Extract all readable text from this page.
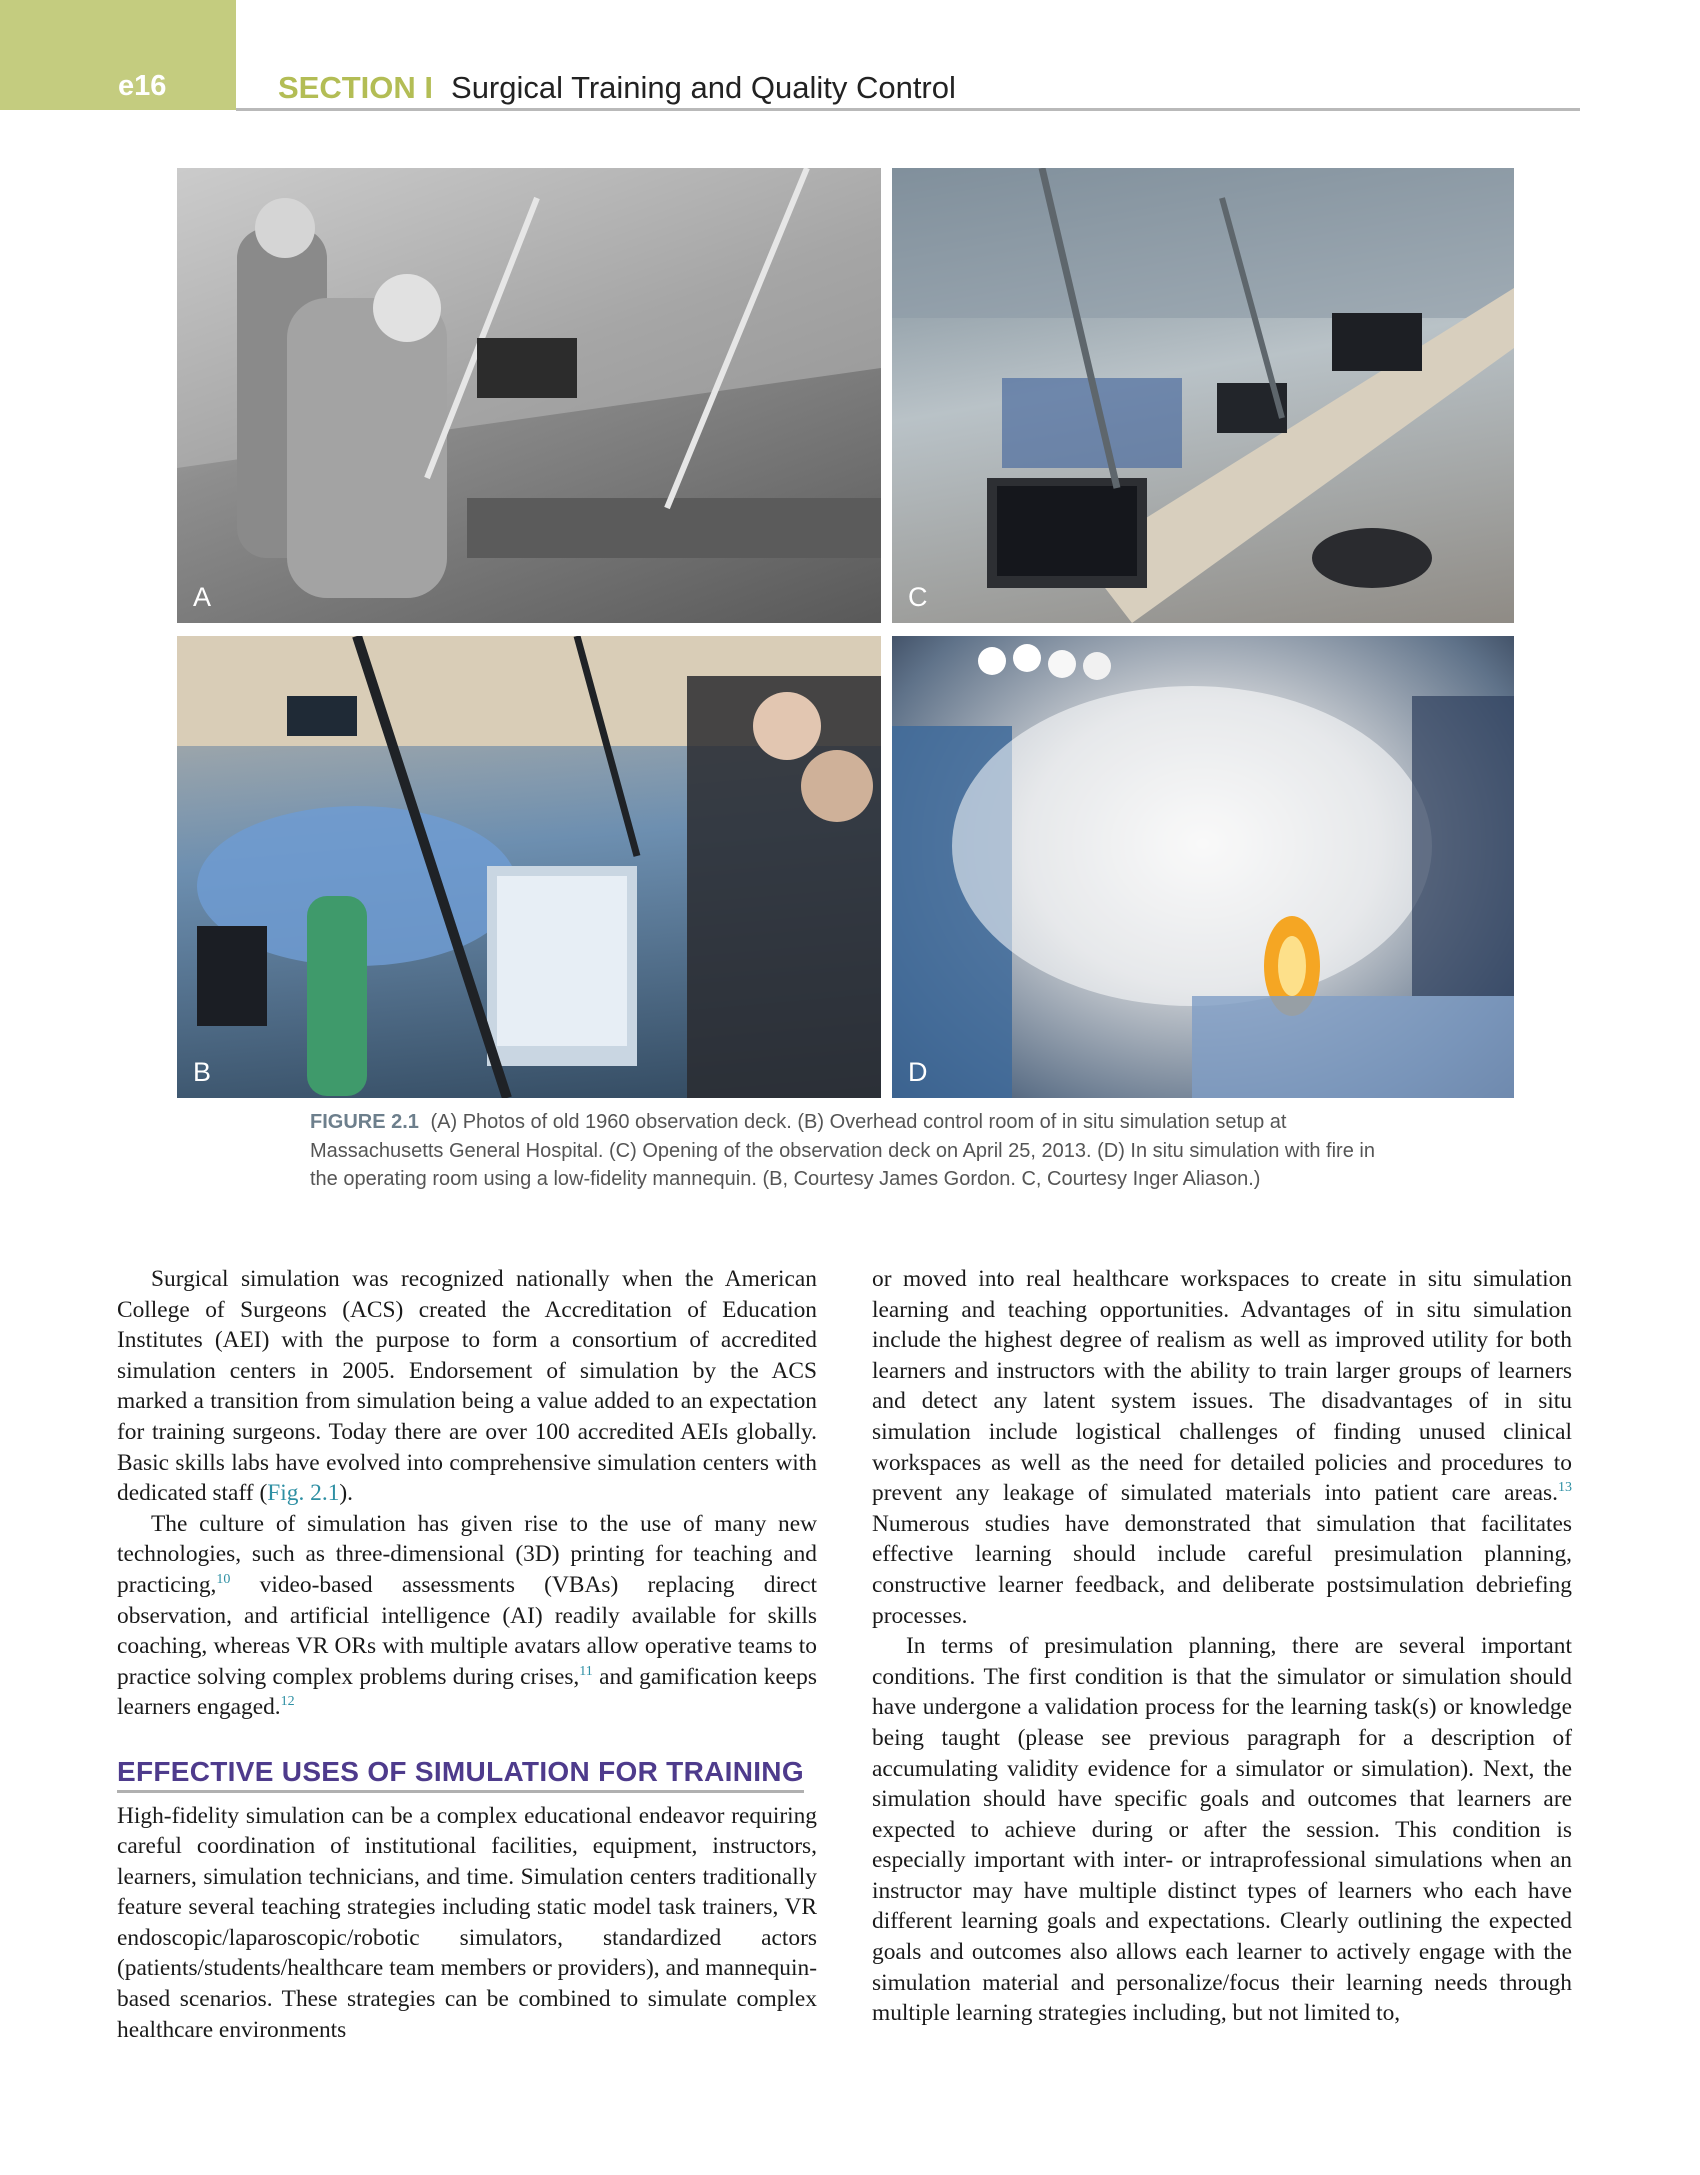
e16	SECTION I Surgical Training and Quality Control
A	C
B	D
FIGURE 2.1 (A) Photos of old 1960 observation deck. (B) Overhead control room of in situ simulation setup at Massachusetts General Hospital. (C) Opening of the observation deck on April 25, 2013. (D) In situ simulation with fire in the operating room using a low-fidelity mannequin. (B, Courtesy James Gordon. C, Courtesy Inger Aliason.)

Surgical simulation was recognized nationally when the American College of Surgeons (ACS) created the Accreditation of Education Institutes (AEI) with the purpose to form a consortium of accredited simulation centers in 2005. Endorsement of simulation by the ACS marked a transition from simulation being a value added to an expectation for training surgeons. Today there are over 100 accredited AEIs globally. Basic skills labs have evolved into comprehensive simulation centers with dedicated staff (Fig. 2.1).

The culture of simulation has given rise to the use of many new technologies, such as three-dimensional (3D) printing for teaching and practicing,$^{10}$ video-based assessments (VBAs) replacing direct observation, and artificial intelligence (AI) readily available for skills coaching, whereas VR ORs with multiple avatars allow operative teams to practice solving complex problems during crises,$^{11}$ and gamification keeps learners engaged.$^{12}$

EFFECTIVE USES OF SIMULATION FOR TRAINING

High-fidelity simulation can be a complex educational endeavor requiring careful coordination of institutional facilities, equipment, instructors, learners, simulation technicians, and time. Simulation centers traditionally feature several teaching strategies including static model task trainers, VR endoscopic/laparoscopic/robotic simulators, standardized actors (patients/students/healthcare team members or providers), and mannequin-based scenarios. These strategies can be combined to simulate complex healthcare environments

or moved into real healthcare workspaces to create in situ simulation learning and teaching opportunities. Advantages of in situ simulation include the highest degree of realism as well as improved utility for both learners and instructors with the ability to train larger groups of learners and detect any latent system issues. The disadvantages of in situ simulation include logistical challenges of finding unused clinical workspaces as well as the need for detailed policies and procedures to prevent any leakage of simulated materials into patient care areas.$^{13}$ Numerous studies have demonstrated that simulation that facilitates effective learning should include careful presimulation planning, constructive learner feedback, and deliberate postsimulation debriefing processes.

In terms of presimulation planning, there are several important conditions. The first condition is that the simulator or simulation should have undergone a validation process for the learning task(s) or knowledge being taught (please see previous paragraph for a description of accumulating validity evidence for a simulator or simulation). Next, the simulation should have specific goals and outcomes that learners are expected to achieve during or after the session. This condition is especially important with inter- or intraprofessional simulations when an instructor may have multiple distinct types of learners who each have different learning goals and expectations. Clearly outlining the expected goals and outcomes also allows each learner to actively engage with the simulation material and personalize/focus their learning needs through multiple learning strategies including, but not limited to,
